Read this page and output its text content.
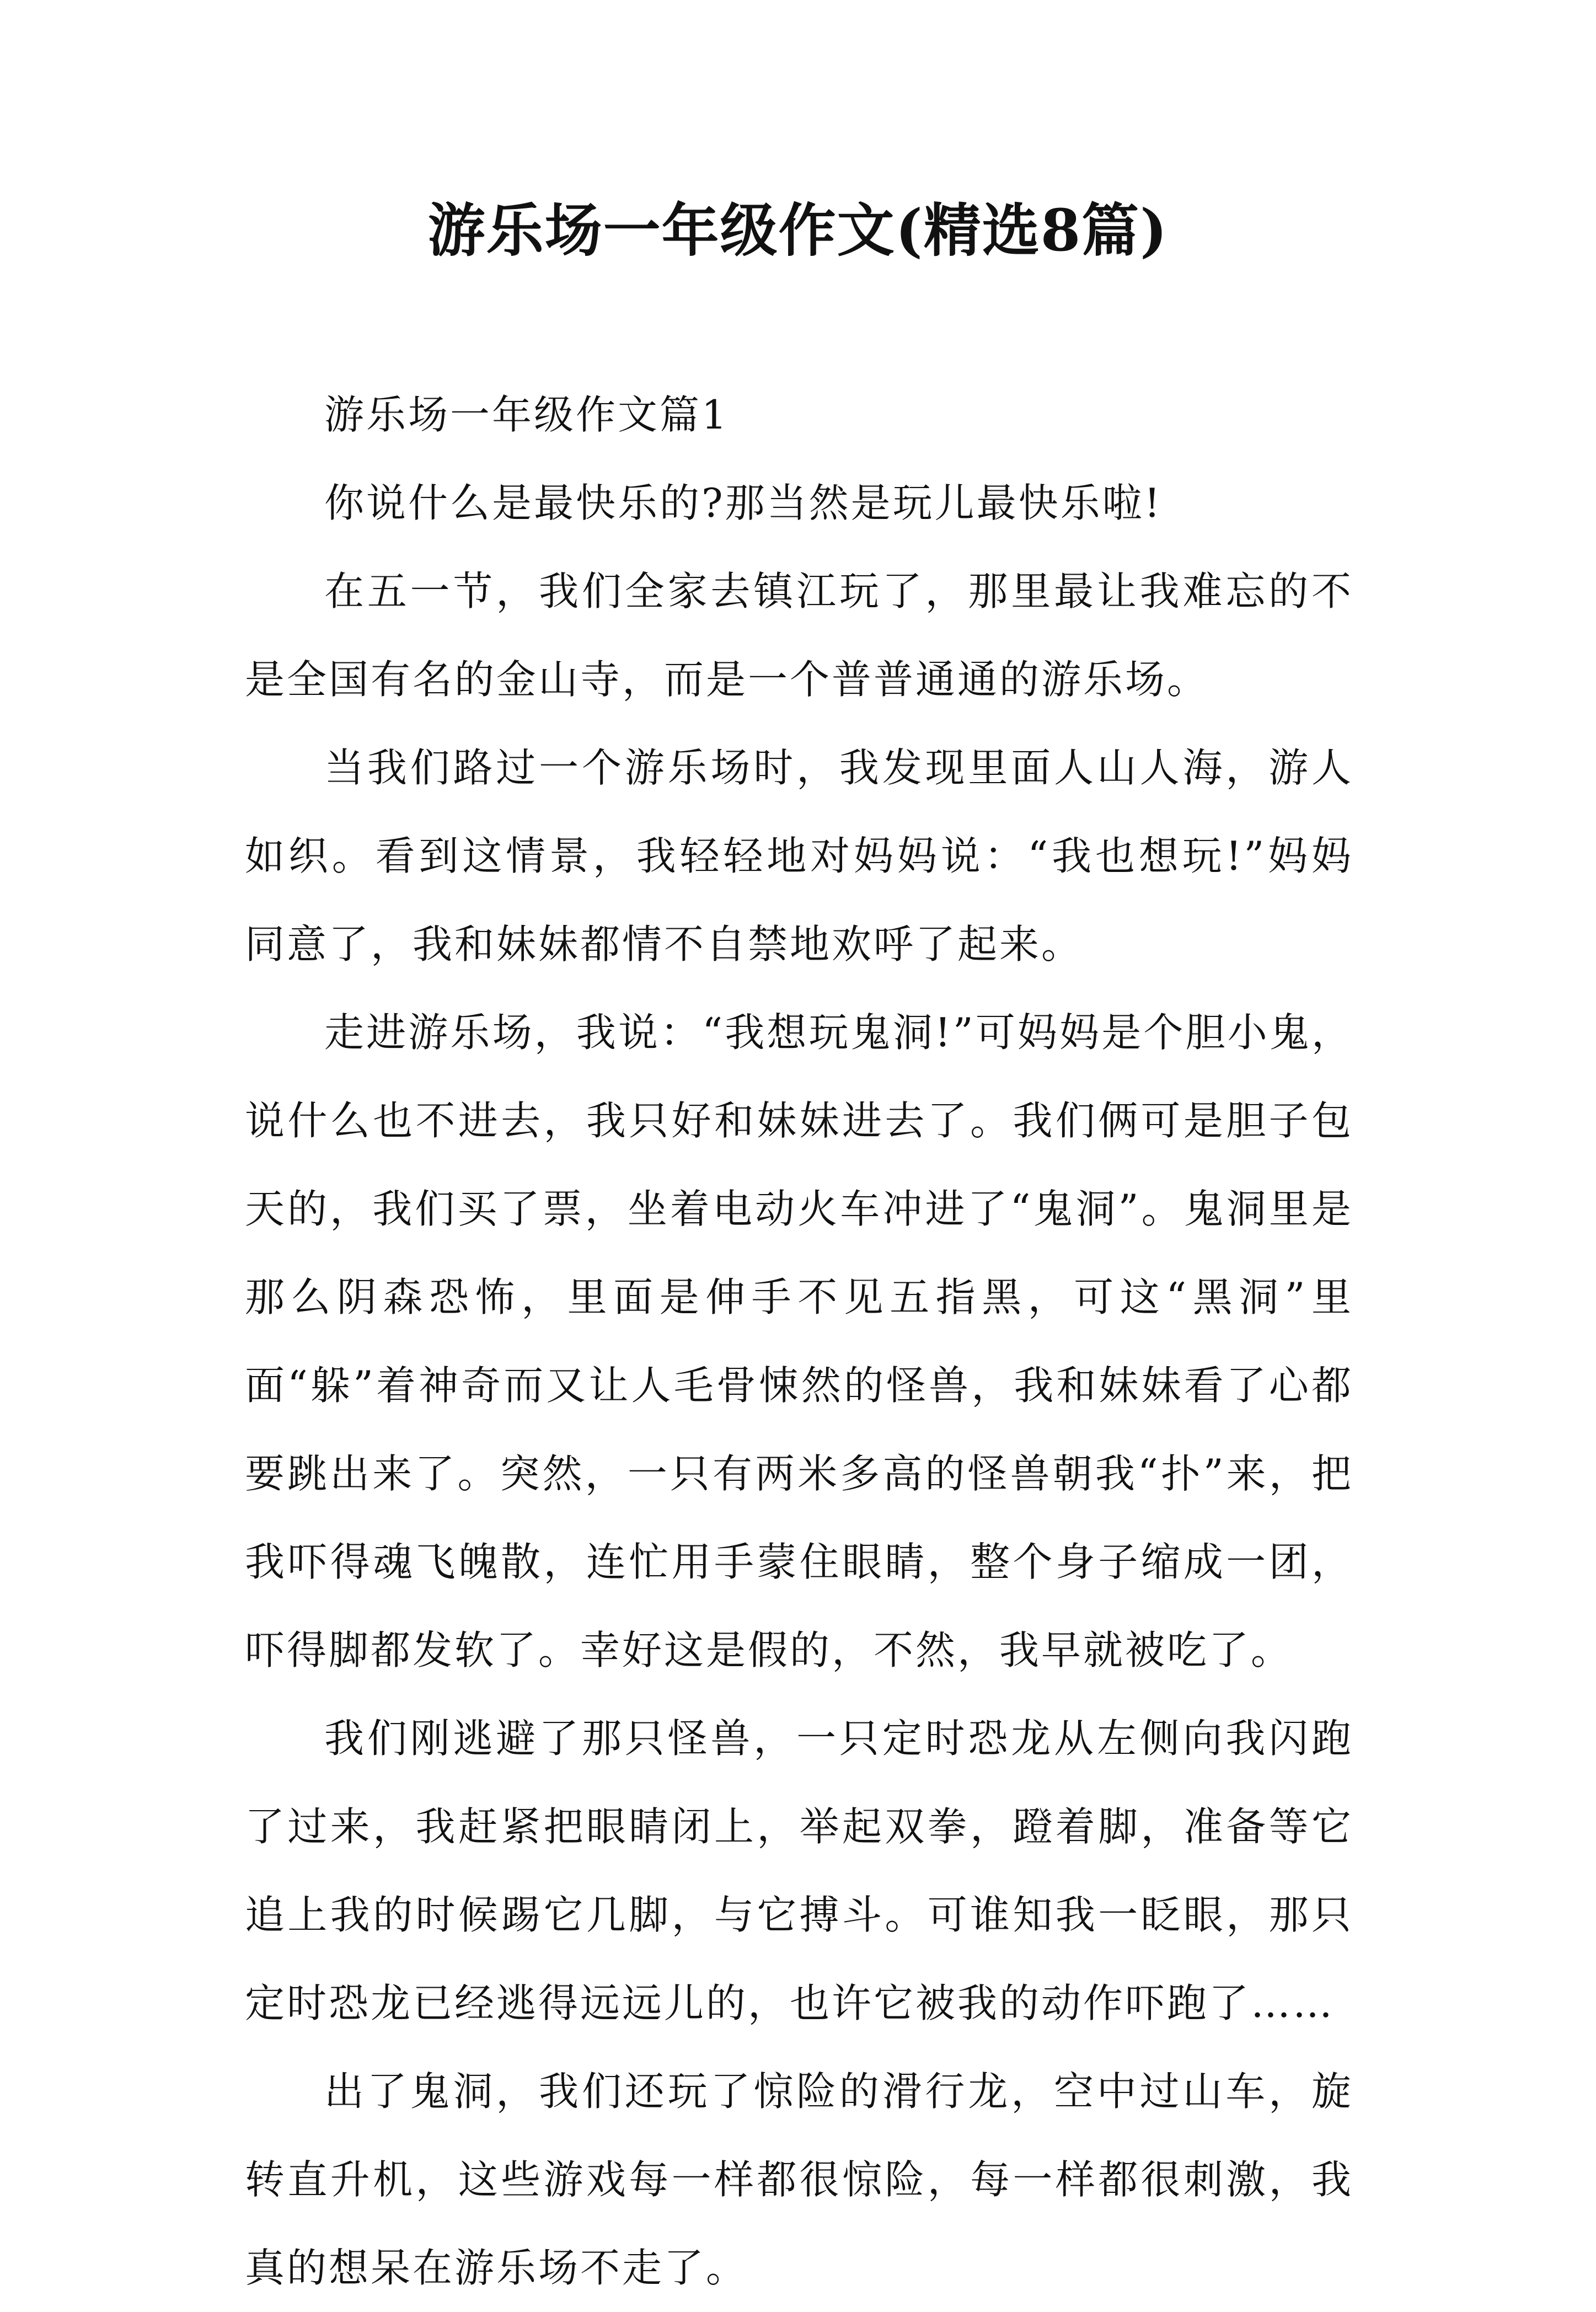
游乐场一年级作文(精选8篇)

游乐场一年级作文篇1

你说什么是最快乐的?那当然是玩儿最快乐啦!

在五一节，我们全家去镇江玩了，那里最让我难忘的不是全国有名的金山寺，而是一个普普通通的游乐场。

当我们路过一个游乐场时，我发现里面人山人海，游人如织。看到这情景，我轻轻地对妈妈说：“我也想玩!”妈妈同意了，我和妹妹都情不自禁地欢呼了起来。

走进游乐场，我说：“我想玩鬼洞!”可妈妈是个胆小鬼，说什么也不进去，我只好和妹妹进去了。我们俩可是胆子包天的，我们买了票，坐着电动火车冲进了“鬼洞”。鬼洞里是那么阴森恐怖，里面是伸手不见五指黑，可这“黑洞”里面“躲”着神奇而又让人毛骨悚然的怪兽，我和妹妹看了心都要跳出来了。突然，一只有两米多高的怪兽朝我“扑”来，把我吓得魂飞魄散，连忙用手蒙住眼睛，整个身子缩成一团，吓得脚都发软了。幸好这是假的，不然，我早就被吃了。

我们刚逃避了那只怪兽，一只定时恐龙从左侧向我闪跑了过来，我赶紧把眼睛闭上，举起双拳，蹬着脚，准备等它追上我的时候踢它几脚，与它搏斗。可谁知我一眨眼，那只定时恐龙已经逃得远远儿的，也许它被我的动作吓跑了……

出了鬼洞，我们还玩了惊险的滑行龙，空中过山车，旋转直升机，这些游戏每一样都很惊险，每一样都很刺激，我真的想呆在游乐场不走了。
